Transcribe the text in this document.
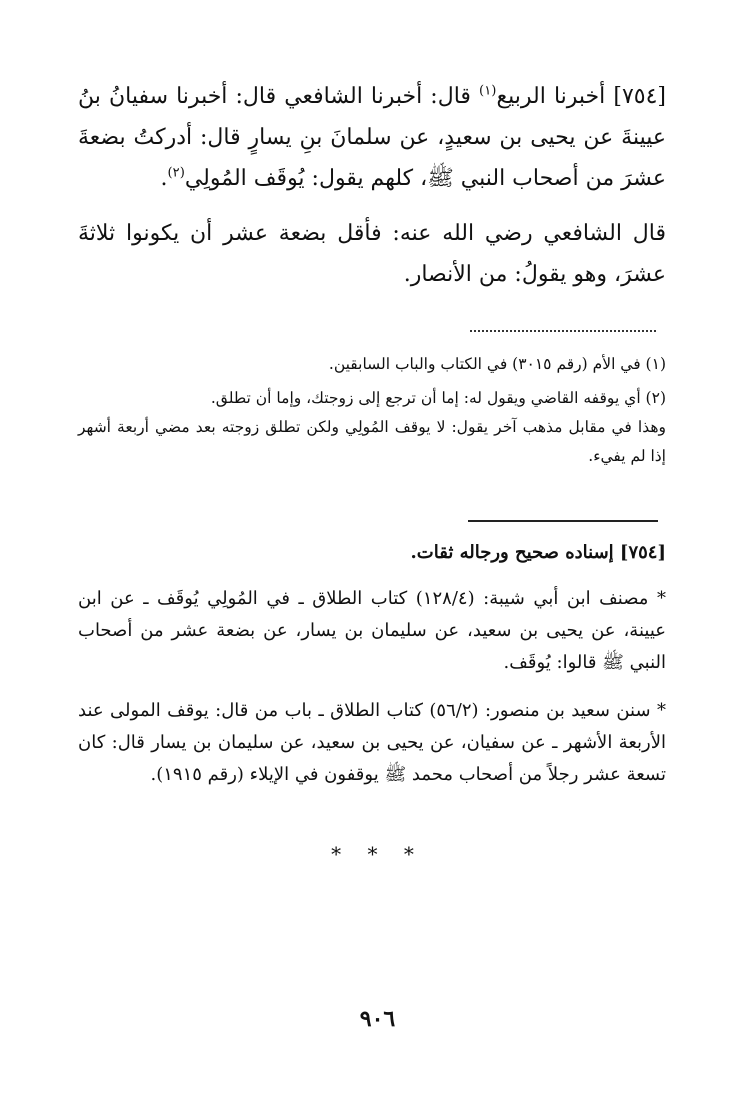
[٧٥٤] أخبرنا الربيع$^{(١)}$ قال: أخبرنا الشافعي قال: أخبرنا سفيانُ بنُ عيينةَ عن يحيى بن سعيدٍ، عن سلمانَ بنِ يسارٍ قال: أدركتُ بضعةَ عشرَ من أصحاب النبي ﷺ، كلهم يقول: يُوقَف المُولِي$^{(٢)}$.

قال الشافعي رضي الله عنه: فأقل بضعة عشر أن يكونوا ثلاثةَ عشرَ، وهو يقولُ: من الأنصار.

(١) في الأم (رقم ٣٠١٥) في الكتاب والباب السابقين.

(٢) أي يوقفه القاضي ويقول له: إما أن ترجع إلى زوجتك، وإما أن تطلق.

وهذا في مقابل مذهب آخر يقول: لا يوقف المُولِي ولكن تطلق زوجته بعد مضي أربعة أشهر إذا لم يفيء.

[٧٥٤] إسناده صحيح ورجاله ثقات.

* مصنف ابن أبي شيبة: (١٢٨/٤) كتاب الطلاق ـ في المُولِي يُوقَف ـ عن ابن عيينة، عن يحيى بن سعيد، عن سليمان بن يسار، عن بضعة عشر من أصحاب النبي ﷺ قالوا: يُوقَف.

* سنن سعيد بن منصور: (٥٦/٢) كتاب الطلاق ـ باب من قال: يوقف المولى عند الأربعة الأشهر ـ عن سفيان، عن يحيى بن سعيد، عن سليمان بن يسار قال: كان تسعة عشر رجلاً من أصحاب محمد ﷺ يوقفون في الإيلاء (رقم ١٩١٥).

* * *
٩٠٦
